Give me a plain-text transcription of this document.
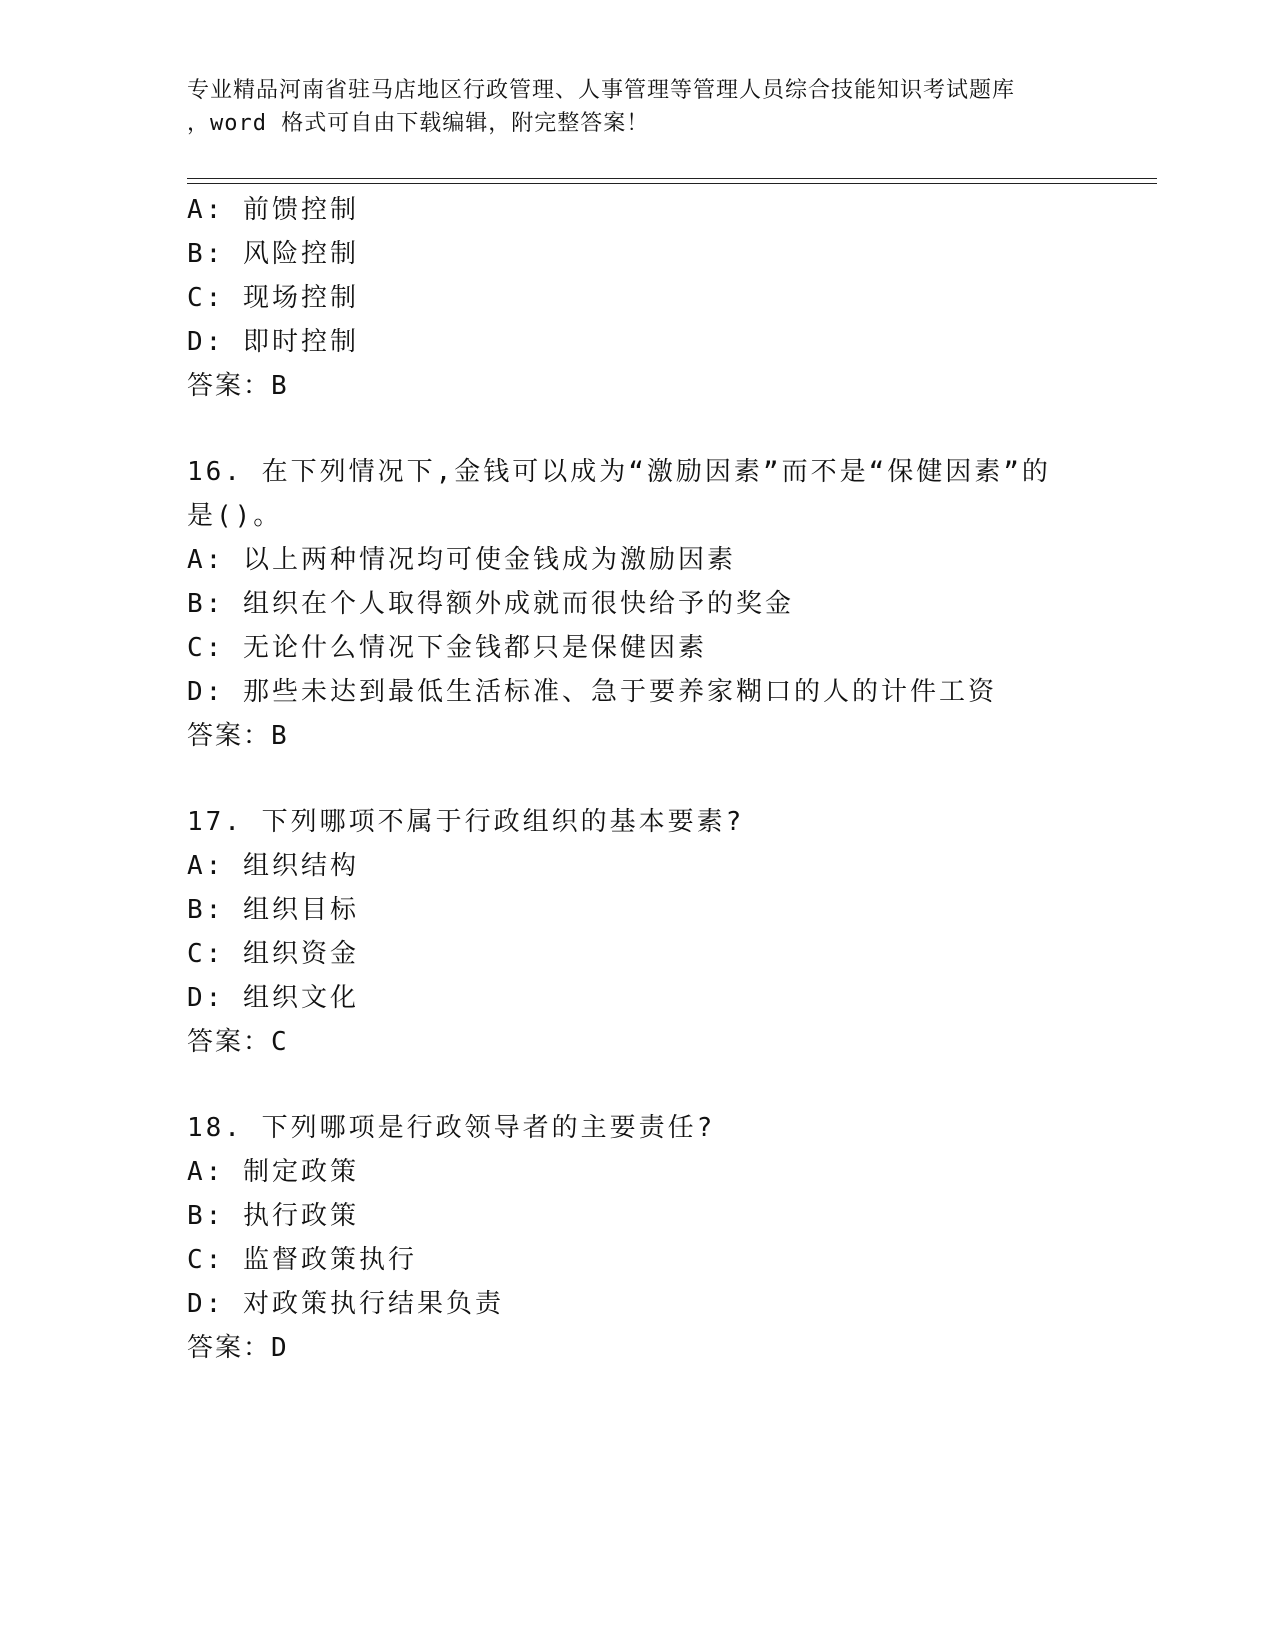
专业精品河南省驻马店地区行政管理、人事管理等管理人员综合技能知识考试题库
，word 格式可自由下载编辑，附完整答案！
A: 前馈控制
B: 风险控制
C: 现场控制
D: 即时控制
答案：B
16. 在下列情况下,金钱可以成为“激励因素”而不是“保健因素”的
是()。
A: 以上两种情况均可使金钱成为激励因素
B: 组织在个人取得额外成就而很快给予的奖金
C: 无论什么情况下金钱都只是保健因素
D: 那些未达到最低生活标准、急于要养家糊口的人的计件工资
答案：B
17. 下列哪项不属于行政组织的基本要素?
A: 组织结构
B: 组织目标
C: 组织资金
D: 组织文化
答案：C
18. 下列哪项是行政领导者的主要责任?
A: 制定政策
B: 执行政策
C: 监督政策执行
D: 对政策执行结果负责
答案：D
